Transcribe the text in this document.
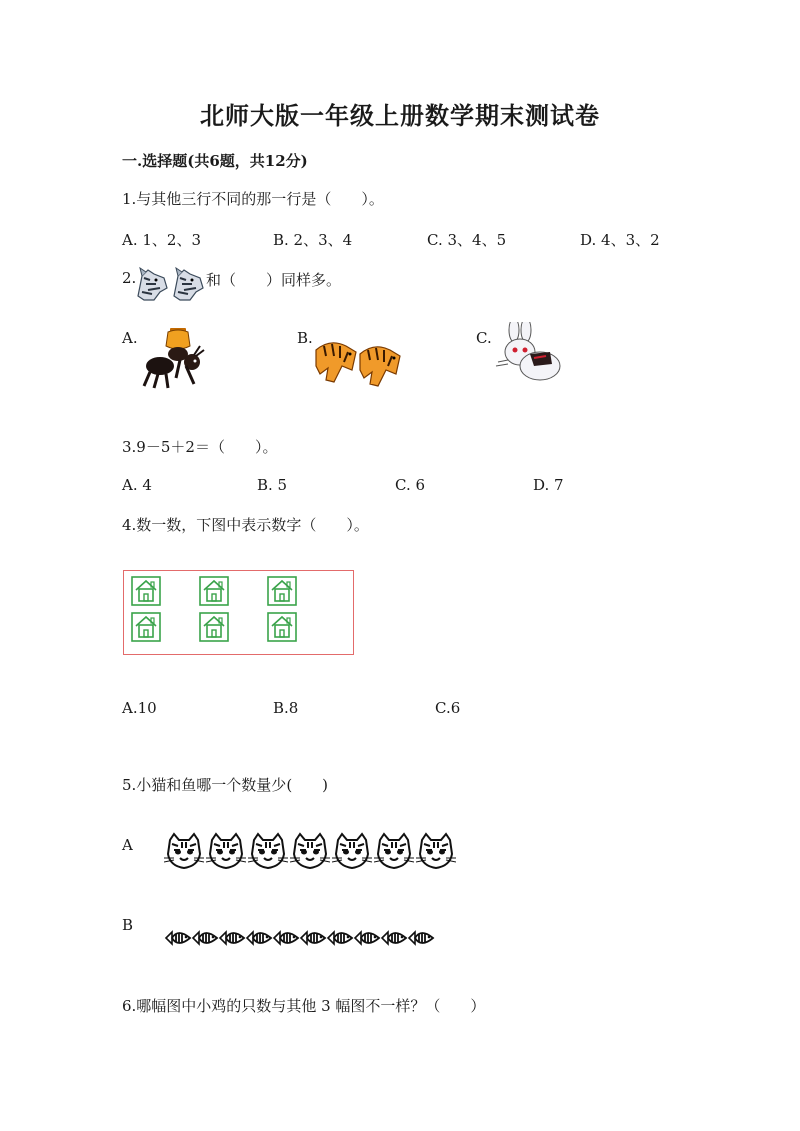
北师大版一年级上册数学期末测试卷
一.选择题(共6题，共12分)
1.与其他三行不同的那一行是（　　）。
A. 1、2、3	B. 2、3、4	C. 3、4、5	D. 4、3、2
2.	和（　　）同样多。
A.	B.	C.
3.9－5＋2＝（　　）。
A. 4	B. 5	C. 6	D. 7
4.数一数，下图中表示数字（　　）。
A.10	B.8	C.6
5.小猫和鱼哪一个数量少(　　)
A
B
6.哪幅图中小鸡的只数与其他 3 幅图不一样？（　　）
